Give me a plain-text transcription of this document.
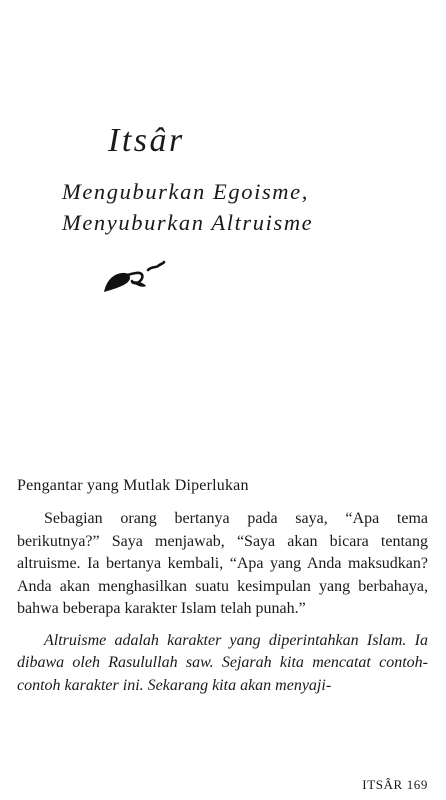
Itsâr
Menguburkan Egoisme,
Menyuburkan Altruisme
Pengantar yang Mutlak Diperlukan

Sebagian orang bertanya pada saya, “Apa tema berikutnya?” Saya menjawab, “Saya akan bicara tentang altruisme. Ia bertanya kembali, “Apa yang Anda maksudkan? Anda akan menghasilkan suatu kesimpulan yang berbahaya, bahwa beberapa karakter Islam telah punah.”

Altruisme adalah karakter yang diperintahkan Islam. Ia dibawa oleh Rasulullah saw. Sejarah kita mencatat contoh-contoh karakter ini. Sekarang kita akan menyaji-

ITSÂR 169
